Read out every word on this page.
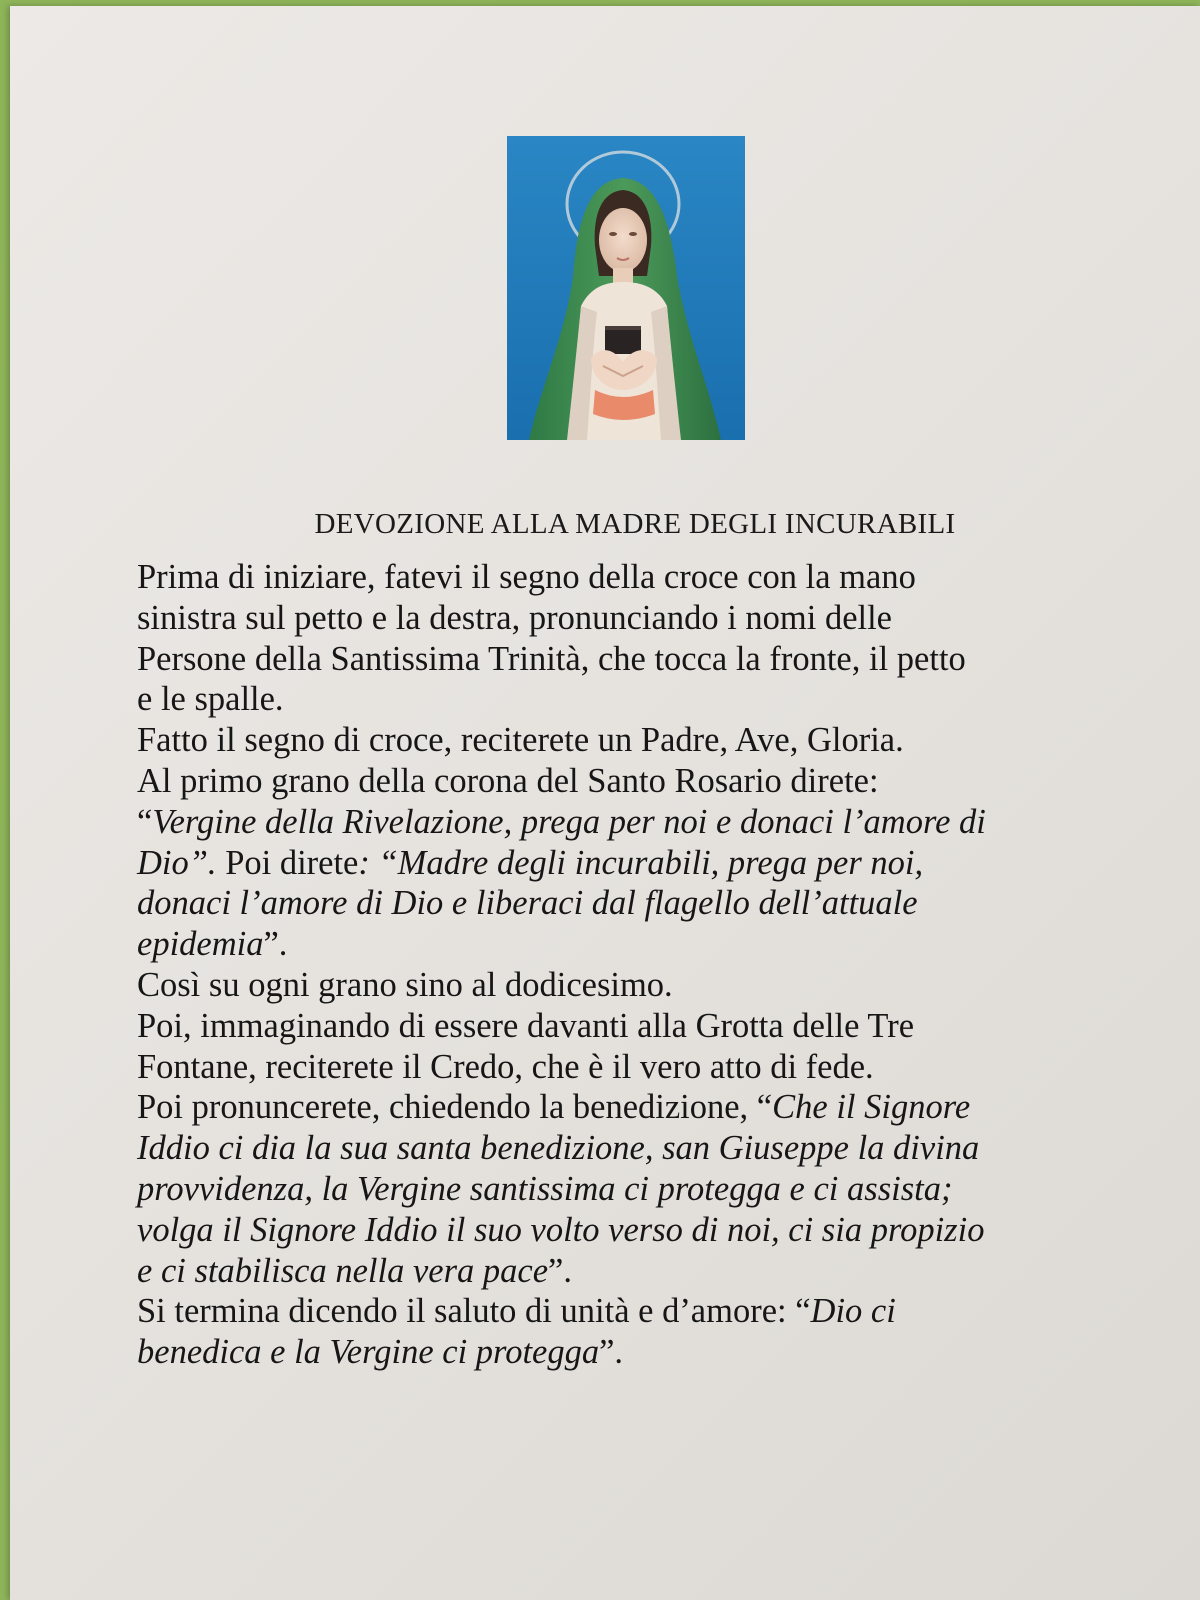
DEVOZIONE ALLA MADRE DEGLI INCURABILI

Prima di iniziare, fatevi il segno della croce con la mano
sinistra sul petto e la destra, pronunciando i nomi delle
Persone della Santissima Trinità, che tocca la fronte, il petto
e le spalle.

Fatto il segno di croce, reciterete un Padre, Ave, Gloria.

Al primo grano della corona del Santo Rosario direte:
“Vergine della Rivelazione, prega per noi e donaci l’amore di
Dio”. Poi direte: “Madre degli incurabili, prega per noi,
donaci l’amore di Dio e liberaci dal flagello dell’attuale
epidemia”.

Così su ogni grano sino al dodicesimo.

Poi, immaginando di essere davanti alla Grotta delle Tre
Fontane, reciterete il Credo, che è il vero atto di fede.

Poi pronuncerete, chiedendo la benedizione, “Che il Signore
Iddio ci dia la sua santa benedizione, san Giuseppe la divina
provvidenza, la Vergine santissima ci protegga e ci assista;
volga il Signore Iddio il suo volto verso di noi, ci sia propizio
e ci stabilisca nella vera pace”.

Si termina dicendo il saluto di unità e d’amore: “Dio ci
benedica e la Vergine ci protegga”.
